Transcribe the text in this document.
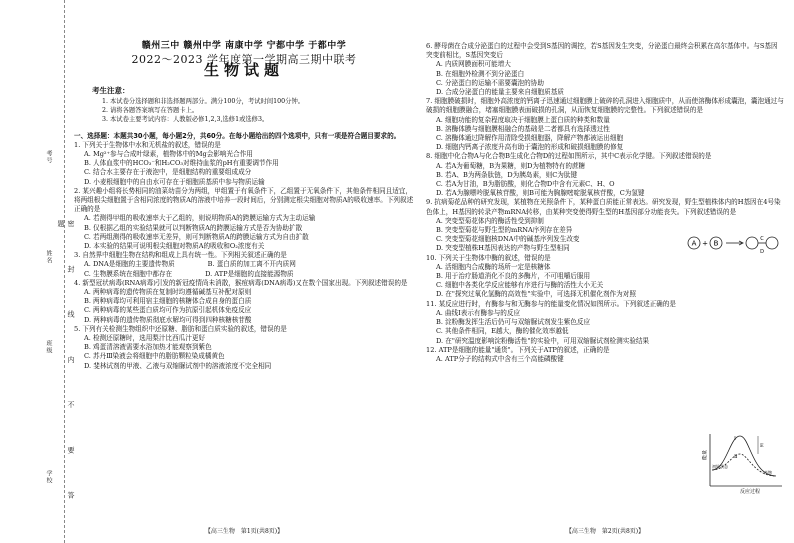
考号
姓名
班级
学校	密 封 线 内 不 要 答 题
赣州三中 赣州中学 南康中学 宁都中学 于都中学
2022～2023 学年度第一学期高三期中联考
生物试题
考生注意：

1. 本试卷分选择题和非选择题两部分。满分100分，考试时间100分钟。

2. 请将各题答案填写在答题卡上。

3. 本试卷主要考试内容：人教版必修1,2,3,选修1或选修3。

一、选择题：本题共30小题，每小题2分，共60分。在每小题给出的四个选项中，只有一项是符合题目要求的。
1. 下列关于生物体中水和无机盐的叙述，错误的是
A. Mg²⁺参与合成叶绿素，植物体中的Mg会影响光合作用
B. 人体血浆中的HCO₃⁻和H₂CO₃对维持血浆的pH有重要调节作用
C. 结合水主要存在于液泡中，是细胞结构的重要组成成分
D. 小麦根细胞中的自由水可存在于细胞质基质中参与物质运输
2. 某兴趣小组将长势相同的油菜幼苗分为两组，甲组置于有氧条件下，乙组置于无氧条件下，其他条件相同且适宜，将两组根尖细胞置于含相同浓度的物质A的溶液中培养一段时间后，分别测定根尖细胞对物质A的吸收速率。下列叙述正确的是
A. 若测得甲组的吸收速率大于乙组的，则说明物质A的跨膜运输方式为主动运输
B. 仅根据乙组的实验结果就可以判断物质A的跨膜运输方式是否为协助扩散
C. 若两组测得的吸收速率无差异，则可判断物质A的跨膜运输方式为自由扩散
D. 本实验的结果可说明根尖细胞对物质A的吸收和O₂浓度有关
3. 自然界中细胞生物在结构和组成上具有统一性。下列相关叙述正确的是
A. DNA是细胞的主要遗传物质　　　　　B. 蛋白质的加工离不开内质网
C. 生物膜系统在细胞中都存在　　　　　D. ATP是细胞的直接能源物质
4. 新型冠状病毒(RNA病毒)引发的新冠疫情尚未消散，猴痘病毒(DNA病毒)又在数个国家出现。下列叙述错误的是
A. 两种病毒的遗传物质在复制时均遵循碱基互补配对原则
B. 两种病毒均可利用宿主细胞的核糖体合成自身的蛋白质
C. 两种病毒的某些蛋白质均可作为抗原引起机体免疫反应
D. 两种病毒的遗传物质彻底水解均可得到四种核糖核苷酸
5. 下列有关检测生物组织中还原糖、脂肪和蛋白质实验的叙述，错误的是
A. 检测还原糖时，选用梨汁比西瓜汁更好
B. 鸡蛋清溶液需要水浴加热才能观察到紫色
C. 苏丹Ⅲ染液会将细胞中的脂肪颗粒染成橘黄色
D. 斐林试剂的甲液、乙液与双缩脲试剂中的溶液浓度不完全相同
【高三生物　第1页(共8页)】
6. 酵母菌在合成分泌蛋白的过程中会受到S基因的调控，若S基因发生突变，分泌蛋白最终会积累在高尔基体中。与S基因突变前相比，S基因突变后
A. 内质网膜面积可能增大
B. 在细胞外检测不到分泌蛋白
C. 分泌蛋白的运输不需要囊泡的协助
D. 合成分泌蛋白的能量主要来自细胞质基质
7. 细胞膜破损时，细胞外高浓度的钙离子迅速通过细胞膜上破碎的孔洞进入细胞质中，从而使溶酶体形成囊泡，囊泡通过与破损的细胞膜融合，堵塞细胞膜表面破损的孔洞，从而恢复细胞膜的完整性。下列叙述错误的是
A. 细胞功能的复杂程度取决于细胞膜上蛋白质的种类和数量
B. 溶酶体膜与细胞膜相融合的基础是二者都具有选择透过性
C. 溶酶体通过降解作用清除受损细胞器，降解产物都被运出细胞
D. 细胞内钙离子浓度升高有助于囊泡的形成和破损细胞膜的修复
8. 细胞中化合物A与化合物B生成化合物D的过程如图所示，其中C表示化学键。下列叙述错误的是
A. 若A为葡萄糖，B为果糖，则D为植物特有的蔗糖
B. 若A、B为两条肽链，D为胰岛素，则C为肽键
C. 若A为甘油，B为脂肪酸，则化合物D中含有元素C、H、O
D. 若A为腺嘌呤脱氧核苷酸，则B可能为胸腺嘧啶脱氧核苷酸，C为氢键
9. 抗病菊花品种的研究发现，某植物在光照条件下，某种蛋白质能正常表达。研究发现，野生型植株体内的H基因在4号染色体上，H基因的转录产物mRNA转移，由某种突变使得野生型的H基因部分功能丧失。下列叙述错误的是
A. 突变型菊花体内的酶活性受到抑制
B. 突变型菊花与野生型的mRNA序列存在差异
C. 突变型菊花细胞核DNA中的碱基序列发生改变
D. 突变型植株H基因表达的产物与野生型相同
10. 下列关于生物体中酶的叙述，错误的是
A. 活细胞内合成酶的场所一定是核糖体
B. 用于治疗肠道消化不良的多酶片，不可咀嚼后服用
C. 细胞中各类化学反应能够有序进行与酶的活性大小无关
D. 在"探究过氧化氢酶的高效性"实验中，可选择无机催化剂作为对照
11. 某反应进行时，有酶参与和无酶参与的能量变化情况如图所示。下列叙述正确的是
A. 曲线Ⅰ表示有酶参与的反应
B. 淀粉酶发挥生活后仍可与双缩脲试剂发生紫色反应
C. 其他条件相同，E越大，酶的催化效率越低
D. 在"研究温度影响淀粉酶活性"的实验中，可用双缩脲试剂检测实验结果
12. ATP是细胞的能量"通货"。下列关于ATP的叙述，正确的是
A. ATP分子的结构式中含有三个高能磷酸键
【高三生物　第2页(共8页)】
A + B
C
D
能量
反应过程
Ⅰ
Ⅱ
E
初始状态
产物
